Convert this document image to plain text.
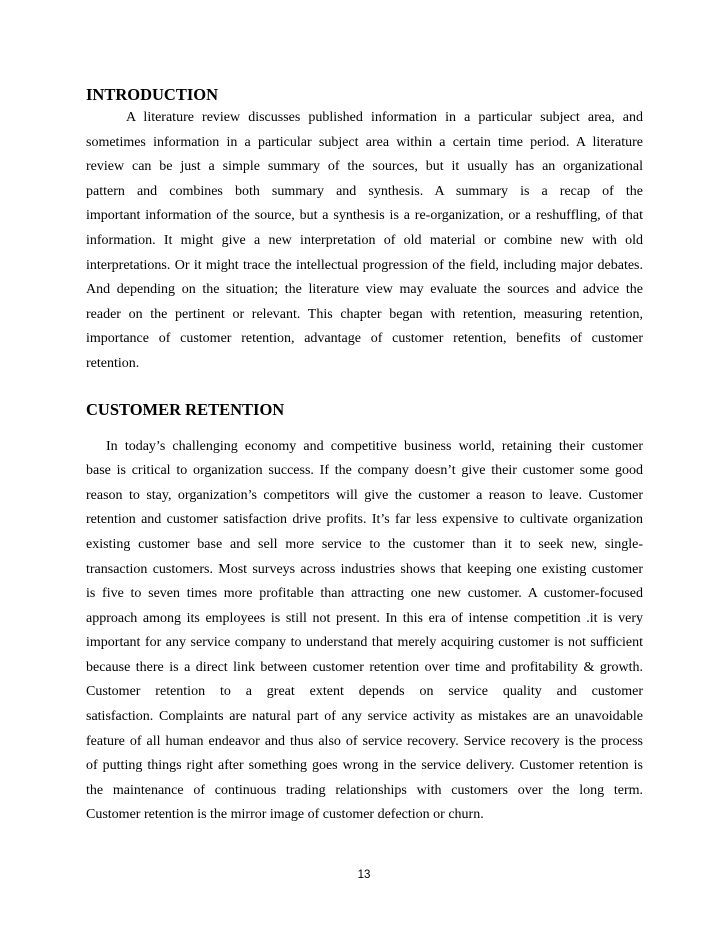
INTRODUCTION
A literature review discusses published information in a particular subject area, and
sometimes information in a particular subject area within a certain time period. A literature
review can be just a simple summary of the sources, but it usually has an organizational
pattern and combines both summary and synthesis. A summary is a recap of the
important information of the source, but a synthesis is a re-organization, or a reshuffling, of that
information. It might give a new interpretation of old material or combine new with old
interpretations. Or it might trace the intellectual progression of the field, including major debates.
And depending on the situation; the literature view may evaluate the sources and advice the
reader on the pertinent or relevant. This chapter began with retention, measuring retention,
importance of customer retention, advantage of customer retention, benefits of customer
retention.
CUSTOMER RETENTION
In today’s challenging economy and competitive business world, retaining their customer
base is critical to organization success. If the company doesn’t give their customer some good
reason to stay, organization’s competitors will give the customer a reason to leave. Customer
retention and customer satisfaction drive profits. It’s far less expensive to cultivate organization
existing customer base and sell more service to the customer than it to seek new, single-
transaction customers. Most surveys across industries shows that keeping one existing customer
is five to seven times more profitable than attracting one new customer. A customer-focused
approach among its employees is still not present. In this era of intense competition .it is very
important for any service company to understand that merely acquiring customer is not sufficient
because there is a direct link between customer retention over time and profitability & growth.
Customer retention to a great extent depends on service quality and customer
satisfaction. Complaints are natural part of any service activity as mistakes are an unavoidable
feature of all human endeavor and thus also of service recovery. Service recovery is the process
of putting things right after something goes wrong in the service delivery. Customer retention is
the maintenance of continuous trading relationships with customers over the long term.
Customer retention is the mirror image of customer defection or churn.
13
